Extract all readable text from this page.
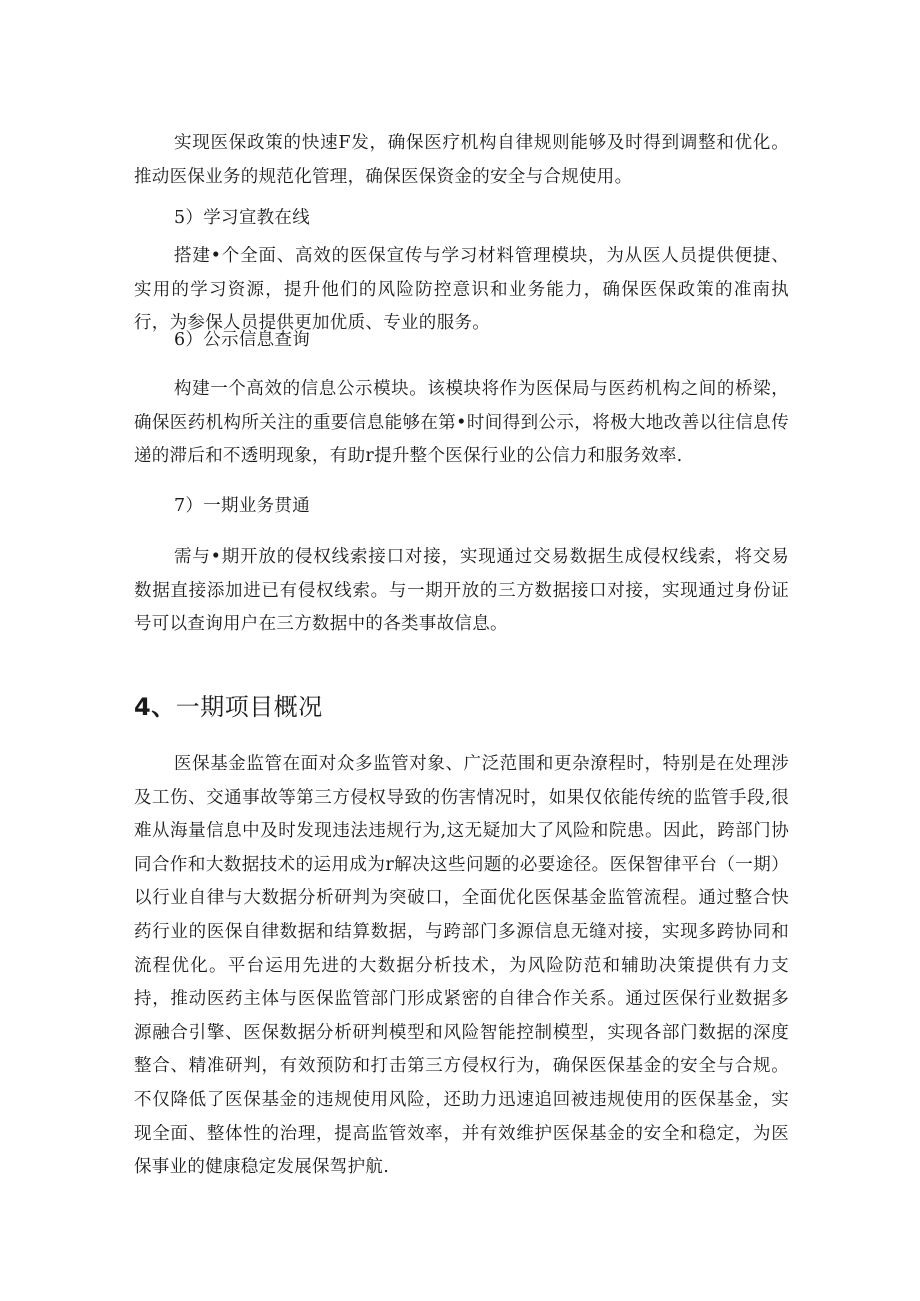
实现医保政策的快速F发，确保医疗机构自律规则能够及时得到调整和优化。推动医保业务的规范化管理，确保医保资金的安全与合规使用。

5）学习宣教在线

搭建•个全面、高效的医保宣传与学习材料管理模块，为从医人员提供便捷、实用的学习资源，提升他们的风险防控意识和业务能力，确保医保政策的准南执行，为参保人员提供更加优质、专业的服务。

6）公示信息查询

构建一个高效的信息公示模块。该模块将作为医保局与医药机构之间的桥梁，确保医药机构所关注的重要信息能够在第•时间得到公示，将极大地改善以往信息传递的滞后和不透明现象，有助r提升整个医保行业的公信力和服务效率.

7）一期业务贯通

需与•期开放的侵权线索接口对接，实现通过交易数据生成侵权线索，将交易数据直接添加进已有侵权线索。与一期开放的三方数据接口对接，实现通过身份证号可以查询用户在三方数据中的各类事故信息。

4、一期项目概况

医保基金监管在面对众多监管对象、广泛范围和更杂潦程时，特别是在处理涉及工伤、交通事故等第三方侵权导致的伤害情况时，如果仅依能传统的监管手段,很难从海量信息中及时发现违法违规行为,这无疑加大了风险和院患。因此，跨部门协同合作和大数据技术的运用成为r解决这些问题的必要途径。医保智律平台（一期）以行业自律与大数据分析研判为突破口，全面优化医保基金监管流程。通过整合快药行业的医保自律数据和结算数据，与跨部门多源信息无缝对接，实现多跨协同和流程优化。平台运用先进的大数据分析技术，为风险防范和辅助决策提供有力支持，推动医药主体与医保监管部门形成紧密的自律合作关系。通过医保行业数据多源融合引擎、医保数据分析研判模型和风险智能控制模型，实现各部门数据的深度整合、精准研判，有效预防和打击第三方侵权行为，确保医保基金的安全与合规。不仅降低了医保基金的违规使用风险，还助力迅速追回被违规使用的医保基金，实现全面、整体性的治理，提高监管效率，并有效维护医保基金的安全和稳定，为医保事业的健康稳定发展保驾护航.
